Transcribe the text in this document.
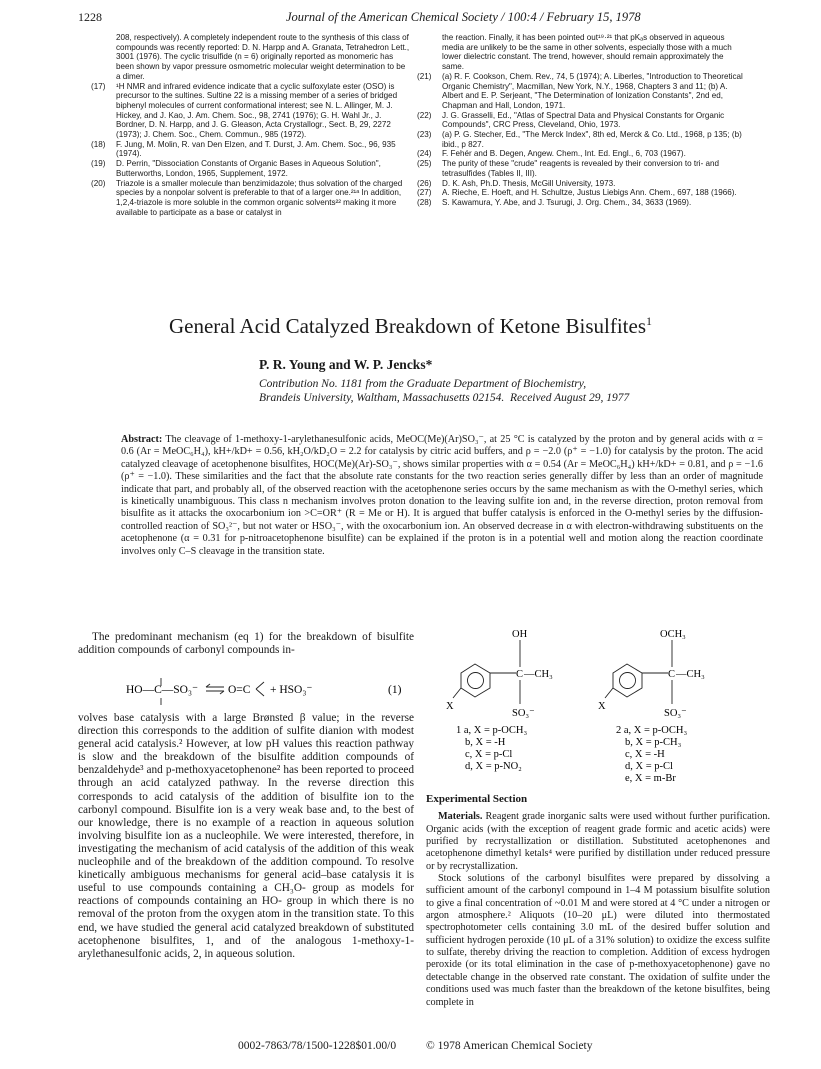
1228	Journal of the American Chemical Society / 100:4 / February 15, 1978
208, respectively). A completely independent route to the synthesis of this class of compounds was recently reported: D. N. Harpp and A. Granata, Tetrahedron Lett., 3001 (1976). The cyclic trisulfide (n = 6) originally reported as monomeric has been shown by vapor pressure osmometric molecular weight determination to be a dimer.
(17)	¹H NMR and infrared evidence indicate that a cyclic sulfoxylate ester (OSO) is precursor to the sultines. Sultine 22 is a missing member of a series of bridged biphenyl molecules of current conformational interest; see N. L. Allinger, M. J. Hickey, and J. Kao, J. Am. Chem. Soc., 98, 2741 (1976); G. H. Wahl Jr., J. Bordner, D. N. Harpp, and J. G. Gleason, Acta Crystallogr., Sect. B, 29, 2272 (1973); J. Chem. Soc., Chem. Commun., 985 (1972).
(18)	F. Jung, M. Molin, R. van Den Elzen, and T. Durst, J. Am. Chem. Soc., 96, 935 (1974).
(19)	D. Perrin, "Dissociation Constants of Organic Bases in Aqueous Solution", Butterworths, London, 1965, Supplement, 1972.
(20)	Triazole is a smaller molecule than benzimidazole; thus solvation of the charged species by a nonpolar solvent is preferable to that of a larger one.²¹ᵃ In addition, 1,2,4-triazole is more soluble in the common organic solvents²² making it more available to participate as a base or catalyst in
the reaction. Finally, it has been pointed out¹⁹·²¹ that pKₐs observed in aqueous media are unlikely to be the same in other solvents, especially those with a much lower dielectric constant. The trend, however, should remain approximately the same.
(21)	(a) R. F. Cookson, Chem. Rev., 74, 5 (1974); A. Liberles, "Introduction to Theoretical Organic Chemistry", Macmillan, New York, N.Y., 1968, Chapters 3 and 11; (b) A. Albert and E. P. Serjeant, "The Determination of Ionization Constants", 2nd ed, Chapman and Hall, London, 1971.
(22)	J. G. Grasselli, Ed., "Atlas of Spectral Data and Physical Constants for Organic Compounds", CRC Press, Cleveland, Ohio, 1973.
(23)	(a) P. G. Stecher, Ed., "The Merck Index", 8th ed, Merck & Co. Ltd., 1968, p 135; (b) ibid., p 827.
(24)	F. Fehér and B. Degen, Angew. Chem., Int. Ed. Engl., 6, 703 (1967).
(25)	The purity of these "crude" reagents is revealed by their conversion to tri- and tetrasulfides (Tables II, III).
(26)	D. K. Ash, Ph.D. Thesis, McGill University, 1973.
(27)	A. Rieche, E. Hoeft, and H. Schultze, Justus Liebigs Ann. Chem., 697, 188 (1966).
(28)	S. Kawamura, Y. Abe, and J. Tsurugi, J. Org. Chem., 34, 3633 (1969).
General Acid Catalyzed Breakdown of Ketone Bisulfites$^1$
P. R. Young and W. P. Jencks*
Contribution No. 1181 from the Graduate Department of Biochemistry,
Brandeis University, Waltham, Massachusetts 02154. Received August 29, 1977
Abstract: The cleavage of 1-methoxy-1-arylethanesulfonic acids, MeOC(Me)(Ar)SO₃⁻, at 25 °C is catalyzed by the proton and by general acids with α = 0.6 (Ar = MeOC₆H₄), kH+/kD+ = 0.56, kH₂O/kD₂O = 2.2 for catalysis by citric acid buffers, and ρ = −2.0 (ρ⁺ = −1.0) for catalysis by the proton. The acid catalyzed cleavage of acetophenone bisulfites, HOC(Me)(Ar)-SO₃⁻, shows similar properties with α = 0.54 (Ar = MeOC₆H₄) kH+/kD+ = 0.81, and ρ = −1.6 (ρ⁺ = −1.0). These similarities and the fact that the absolute rate constants for the two reaction series generally differ by less than an order of magnitude indicate that part, and probably all, of the observed reaction with the acetophenone series occurs by the same mechanism as with the O-methyl series, which is kinetically unambiguous. This class n mechanism involves proton donation to the leaving sulfite ion and, in the reverse direction, proton removal from bisulfite as it attacks the oxocarbonium ion >C=OR⁺ (R = Me or H). It is argued that buffer catalysis is enforced in the O-methyl series by the diffusion-controlled reaction of SO₃²⁻, but not water or HSO₃⁻, with the oxocarbonium ion. An observed decrease in α with electron-withdrawing substituents on the acetophenone (α = 0.31 for p-nitroacetophenone bisulfite) can be explained if the proton is in a potential well and motion along the reaction coordinate involves only C–S cleavage in the transition state.
The predominant mechanism (eq 1) for the breakdown of bisulfite addition compounds of carbonyl compounds in-
HO—C—SO₃⁻	O=C + HSO₃⁻	(1)
volves base catalysis with a large Brønsted β value; in the reverse direction this corresponds to the addition of sulfite dianion with modest general acid catalysis.² However, at low pH values this reaction pathway is slow and the breakdown of the bisulfite addition compounds of benzaldehyde³ and p-methoxyacetophenone² has been reported to proceed through an acid catalyzed pathway. In the reverse direction this corresponds to acid catalysis of the addition of bisulfite ion to the carbonyl compound. Bisulfite ion is a very weak base and, to the best of our knowledge, there is no example of a reaction in aqueous solution involving bisulfite ion as a nucleophile. We were interested, therefore, in investigating the mechanism of acid catalysis of the addition of this weak nucleophile and of the breakdown of the addition compound. To resolve kinetically ambiguous mechanisms for general acid–base catalysis it is useful to use compounds containing a CH₃O- group as models for reactions of compounds containing an HO- group in which there is no removal of the proton from the oxygen atom in the transition state. To this end, we have studied the general acid catalyzed breakdown of substituted acetophenone bisulfites, 1, and of the analogous 1-methoxy-1-arylethanesulfonic acids, 2, in aqueous solution.
OH
C —CH₃
SO₃⁻
X
1 a, X = p-OCH₃
b, X = -H
c, X = p-Cl
d, X = p-NO₂
OCH₃
C —CH₃
SO₃⁻
X
2 a, X = p-OCH₃
b, X = p-CH₃
c, X = -H
d, X = p-Cl
e, X = m-Br
Experimental Section

Materials. Reagent grade inorganic salts were used without further purification. Organic acids (with the exception of reagent grade formic and acetic acids) were purified by recrystallization or distillation. Substituted acetophenones and acetophenone dimethyl ketals⁴ were purified by distillation under reduced pressure or by recrystallization.

Stock solutions of the carbonyl bisulfites were prepared by dissolving a sufficient amount of the carbonyl compound in 1–4 M potassium bisulfite solution to give a final concentration of ~0.01 M and were stored at 4 °C under a nitrogen or argon atmosphere.² Aliquots (10–20 μL) were diluted into thermostated spectrophotometer cells containing 3.0 mL of the desired buffer solution and sufficient hydrogen peroxide (10 μL of a 31% solution) to oxidize the excess sulfite to sulfate, thereby driving the reaction to completion. Addition of excess hydrogen peroxide (or its total elimination in the case of p-methoxyacetophenone) gave no detectable change in the observed rate constant. The oxidation of sulfite under the conditions used was much faster than the breakdown of the ketone bisulfites, being complete in

0002-7863/78/1500-1228$01.00/0	© 1978 American Chemical Society
